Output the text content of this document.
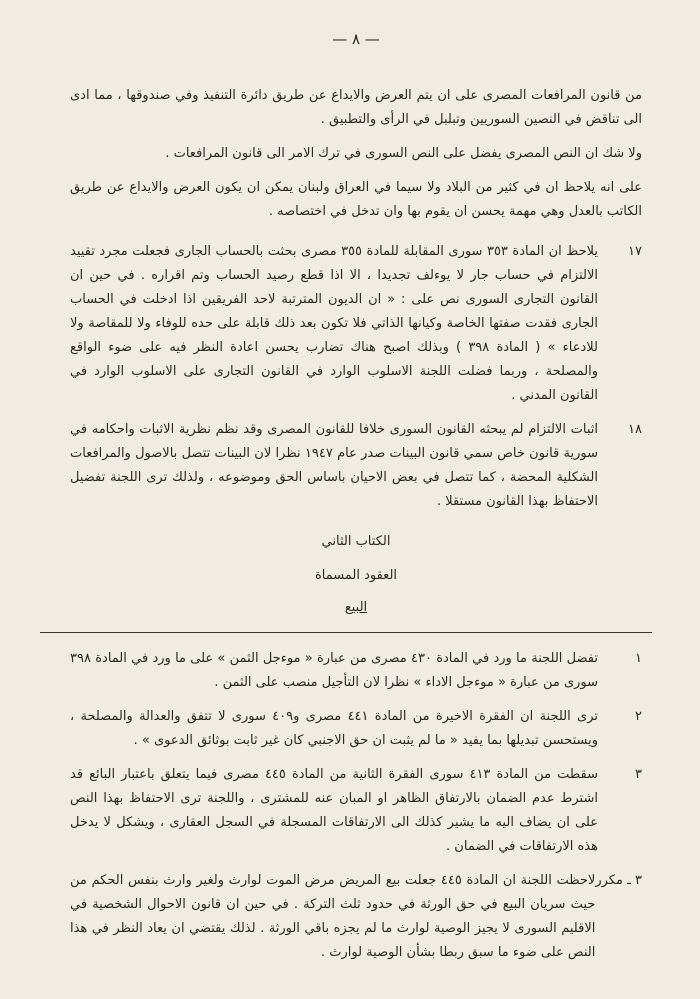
— ٨ —

من قانون المرافعات المصرى على ان يتم العرض والايداع عن طريق دائرة التنفيذ وفي صندوقها ، مما ادى الى تناقض في النصين السوريين وتبلبل في الرأى والتطبيق .

ولا شك ان النص المصرى يفضل على النص السورى في ترك الامر الى قانون المرافعات .

على انه يلاحظ ان في كثير من البلاد ولا سيما في العراق ولبنان يمكن ان يكون العرض والايداع عن طريق الكاتب بالعدل وهي مهمة يحسن ان يقوم بها وان تدخل في اختصاصه .

١٧

يلاحظ ان المادة ٣٥٣ سورى المقابلة للمادة ٣٥٥ مصرى بحثت بالحساب الجارى فجعلت مجرد تقييد الالتزام في حساب جار لا يوءلف تجديدا ، الا اذا قطع رصيد الحساب وتم اقراره . في حين ان القانون التجارى السورى نص على : « ان الديون المترتبة لاحد الفريقين اذا ادخلت في الحساب الجارى فقدت صفتها الخاصة وكيانها الذاتي فلا تكون بعد ذلك قابلة على حده للوفاء ولا للمقاصة ولا للادعاء » ( المادة ٣٩٨ ) وبذلك اصبح هناك تضارب يحسن اعادة النظر فيه على ضوء الواقع والمصلحة ، وربما فضلت اللجنة الاسلوب الوارد في القانون التجارى على الاسلوب الوارد في القانون المدني .

١٨

اثبات الالتزام لم يبحثه القانون السورى خلافا للقانون المصرى وقد نظم نظرية الاثبات واحكامه في سورية قانون خاص سمي قانون البينات صدر عام ١٩٤٧ نظرا لان البينات تتصل بالاصول والمرافعات الشكلية المحضة ، كما تتصل في بعض الاحيان باساس الحق وموضوعه ، ولذلك ترى اللجنة تفضيل الاحتفاظ بهذا القانون مستقلا .

الكتاب الثاني
العقود المسماة
البيع
١

تفضل اللجنة ما ورد في المادة ٤٣٠ مصرى من عبارة « موءجل الثمن » على ما ورد في المادة ٣٩٨ سورى من عبارة « موءجل الاداء » نظرا لان التأجيل منصب على الثمن .

٢

ترى اللجنة ان الفقرة الاخيرة من المادة ٤٤١ مصرى و٤٠٩ سورى لا تتفق والعدالة والمصلحة ، ويستحسن تبديلها بما يفيد « ما لم يثبت ان حق الاجنبي كان غير ثابت بوثائق الدعوى » .

٣

سقطت من المادة ٤١٣ سورى الفقرة الثانية من المادة ٤٤٥ مصرى فيما يتعلق باعتبار البائع قد اشترط عدم الضمان بالارتفاق الظاهر او المبان عنه للمشترى ، واللجنة ترى الاحتفاظ بهذا النص على ان يضاف اليه ما يشير كذلك الى الارتفاقات المسجلة في السجل العقارى ، ويشكل لا يدخل هذه الارتفاقات في الضمان .

٣ ـ مكرر

لاحظت اللجنة ان المادة ٤٤٥ جعلت بيع المريض مرض الموت لوارث ولغير وارث بنفس الحكم من حيث سريان البيع في حق الورثة في حدود ثلث التركة . في حين ان قانون الاحوال الشخصية في الاقليم السورى لا يجيز الوصية لوارث ما لم يجزه باقي الورثة . لذلك يقتضي ان يعاد النظر في هذا النص على ضوء ما سبق ربطا بشأن الوصية لوارث .
